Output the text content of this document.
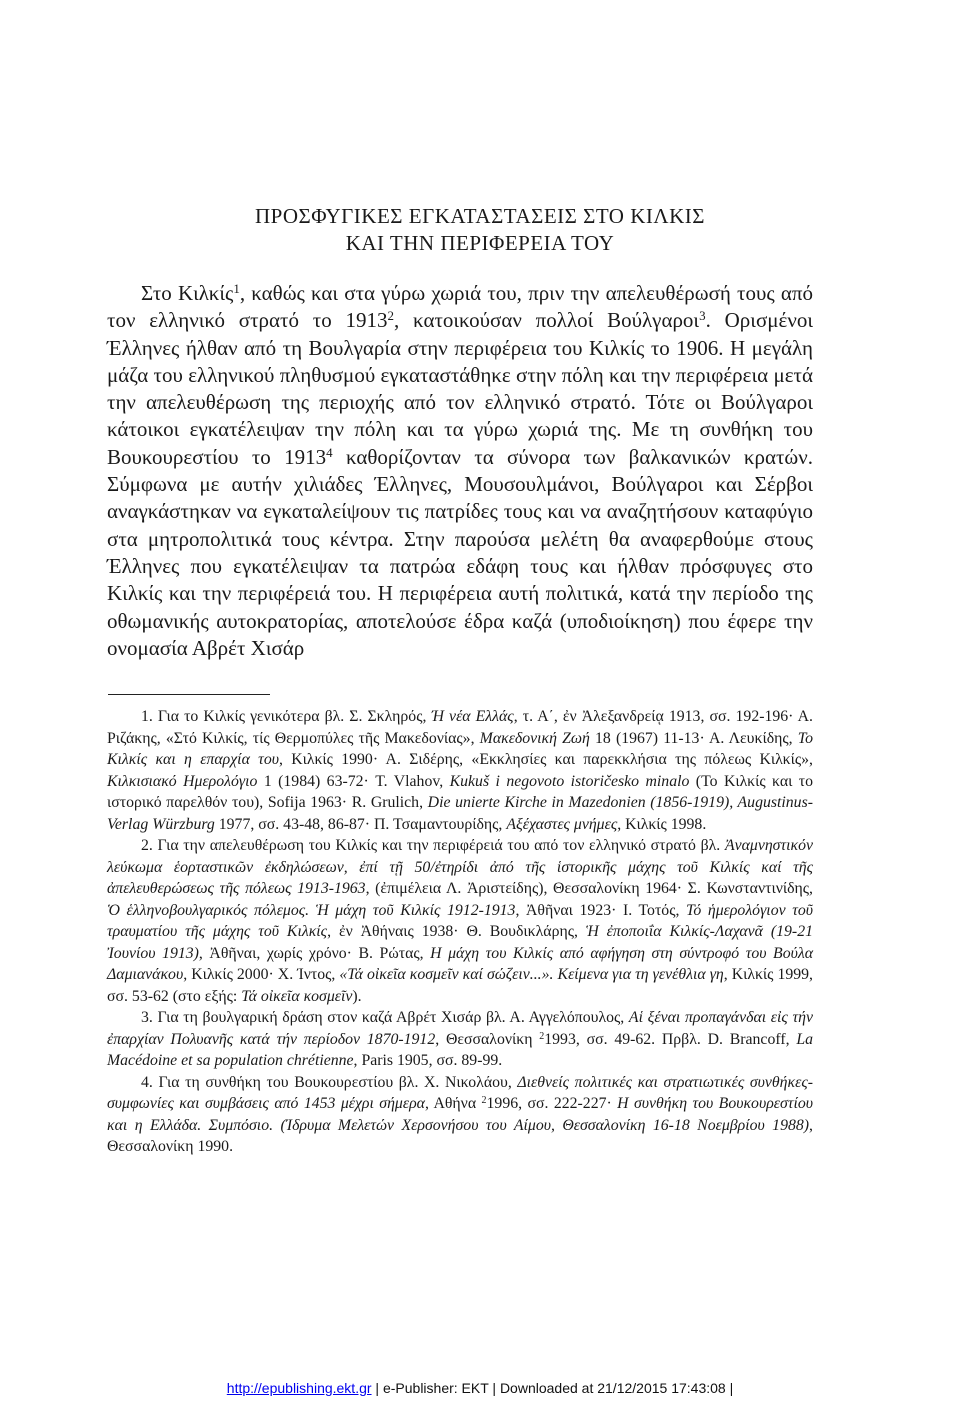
ΠΡΟΣΦΥΓΙΚΕΣ ΕΓΚΑΤΑΣΤΑΣΕΙΣ ΣΤΟ ΚΙΛΚΙΣ
ΚΑΙ ΤΗΝ ΠΕΡΙΦΕΡΕΙΑ ΤΟΥ

Στο Κιλκίς$^1$, καθώς και στα γύρω χωριά του, πριν την απελευθέρωσή τους από τον ελληνικό στρατό το 1913$^2$, κατοικούσαν πολλοί Βούλγαροι$^3$. Ορισμένοι Έλληνες ήλθαν από τη Βουλγαρία στην περιφέρεια του Κιλκίς το 1906. Η μεγάλη μάζα του ελληνικού πληθυσμού εγκαταστάθηκε στην πόλη και την περιφέρεια μετά την απελευθέρωση της περιοχής από τον ελληνικό στρατό. Τότε οι Βούλγαροι κάτοικοι εγκατέλειψαν την πόλη και τα γύρω χωριά της. Με τη συνθήκη του Βουκουρεστίου το 1913$^4$ καθορίζονταν τα σύνορα των βαλκανικών κρατών. Σύμφωνα με αυτήν χιλιάδες Έλληνες, Μουσουλμάνοι, Βούλγαροι και Σέρβοι αναγκάστηκαν να εγκαταλείψουν τις πατρίδες τους και να αναζητήσουν καταφύγιο στα μητροπολιτικά τους κέντρα. Στην παρούσα μελέτη θα αναφερθούμε στους Έλληνες που εγκατέλειψαν τα πατρώα εδάφη τους και ήλθαν πρόσφυγες στο Κιλκίς και την περιφέρειά του. Η περιφέρεια αυτή πολιτικά, κατά την περίοδο της οθωμανικής αυτοκρατορίας, αποτελούσε έδρα καζά (υποδιοίκηση) που έφερε την ονομασία Αβρέτ Χισάρ

1. Για το Κιλκίς γενικότερα βλ. Σ. Σκληρός, Ή νέα Ελλάς, τ. Α΄, ἐν Ἀλεξανδρείᾳ 1913, σσ. 192-196· Α. Ριζάκης, «Στό Κιλκίς, τίς Θερμοπύλες τῆς Μακεδονίας», Μακεδονική Ζωή 18 (1967) 11-13· Α. Λευκίδης, Το Κιλκίς και η επαρχία του, Κιλκίς 1990· Α. Σιδέρης, «Εκκλησίες και παρεκκλήσια της πόλεως Κιλκίς», Κιλκισιακό Ημερολόγιο 1 (1984) 63-72· T. Vlahov, Kukuš i negovoto istoričesko minalo (Το Κιλκίς και το ιστορικό παρελθόν του), Sofija 1963· R. Grulich, Die unierte Kirche in Mazedonien (1856-1919), Augustinus-Verlag Würzburg 1977, σσ. 43-48, 86-87· Π. Τσαμαντουρίδης, Αξέχαστες μνήμες, Κιλκίς 1998.

2. Για την απελευθέρωση του Κιλκίς και την περιφέρειά του από τον ελληνικό στρατό βλ. Ἀναμνηστικόν λεύκωμα ἑορταστικῶν ἐκδηλώσεων, ἐπί τῇ 50/ἐτηρίδι ἀπό τῆς ἱστορικῆς μάχης τοῦ Κιλκίς καί τῆς ἀπελευθερώσεως τῆς πόλεως 1913-1963, (ἐπιμέλεια Λ. Ἀριστείδης), Θεσσαλονίκη 1964· Σ. Κωνσταντινίδης, Ὁ ἑλληνοβουλγαρικός πόλεμος. Ἡ μάχη τοῦ Κιλκίς 1912-1913, Ἀθῆναι 1923· Ι. Τοτός, Τό ἡμερολόγιον τοῦ τραυματίου τῆς μάχης τοῦ Κιλκίς, ἐν Ἀθήναις 1938· Θ. Βουδικλάρης, Ἡ ἐποποιΐα Κιλκίς-Λαχανᾶ (19-21 Ἰουνίου 1913), Ἀθῆναι, χωρίς χρόνο· Β. Ρώτας, Η μάχη του Κιλκίς από αφήγηση στη σύντροφό του Βούλα Δαμιανάκου, Κιλκίς 2000· Χ. Ίντος, «Τά οἰκεῖα κοσμεῖν καί σώζειν...». Κείμενα για τη γενέθλια γη, Κιλκίς 1999, σσ. 53-62 (στο εξής: Τά οἰκεῖα κοσμεῖν).

3. Για τη βουλγαρική δράση στον καζά Αβρέτ Χισάρ βλ. Α. Αγγελόπουλος, Αἱ ξέναι προπαγάνδαι εἰς τήν ἐπαρχίαν Πολυανῆς κατά τήν περίοδον 1870-1912, Θεσσαλονίκη $^2$1993, σσ. 49-62. Πρβλ. D. Brancoff, La Macédoine et sa population chrétienne, Paris 1905, σσ. 89-99.

4. Για τη συνθήκη του Βουκουρεστίου βλ. Χ. Νικολάου, Διεθνείς πολιτικές και στρατιωτικές συνθήκες-συμφωνίες και συμβάσεις από 1453 μέχρι σήμερα, Αθήνα $^2$1996, σσ. 222-227· Η συνθήκη του Βουκουρεστίου και η Ελλάδα. Συμπόσιο. (Ίδρυμα Μελετών Χερσονήσου του Αίμου, Θεσσαλονίκη 16-18 Νοεμβρίου 1988), Θεσσαλονίκη 1990.

http://epublishing.ekt.gr | e-Publisher: EKT | Downloaded at 21/12/2015 17:43:08 |
